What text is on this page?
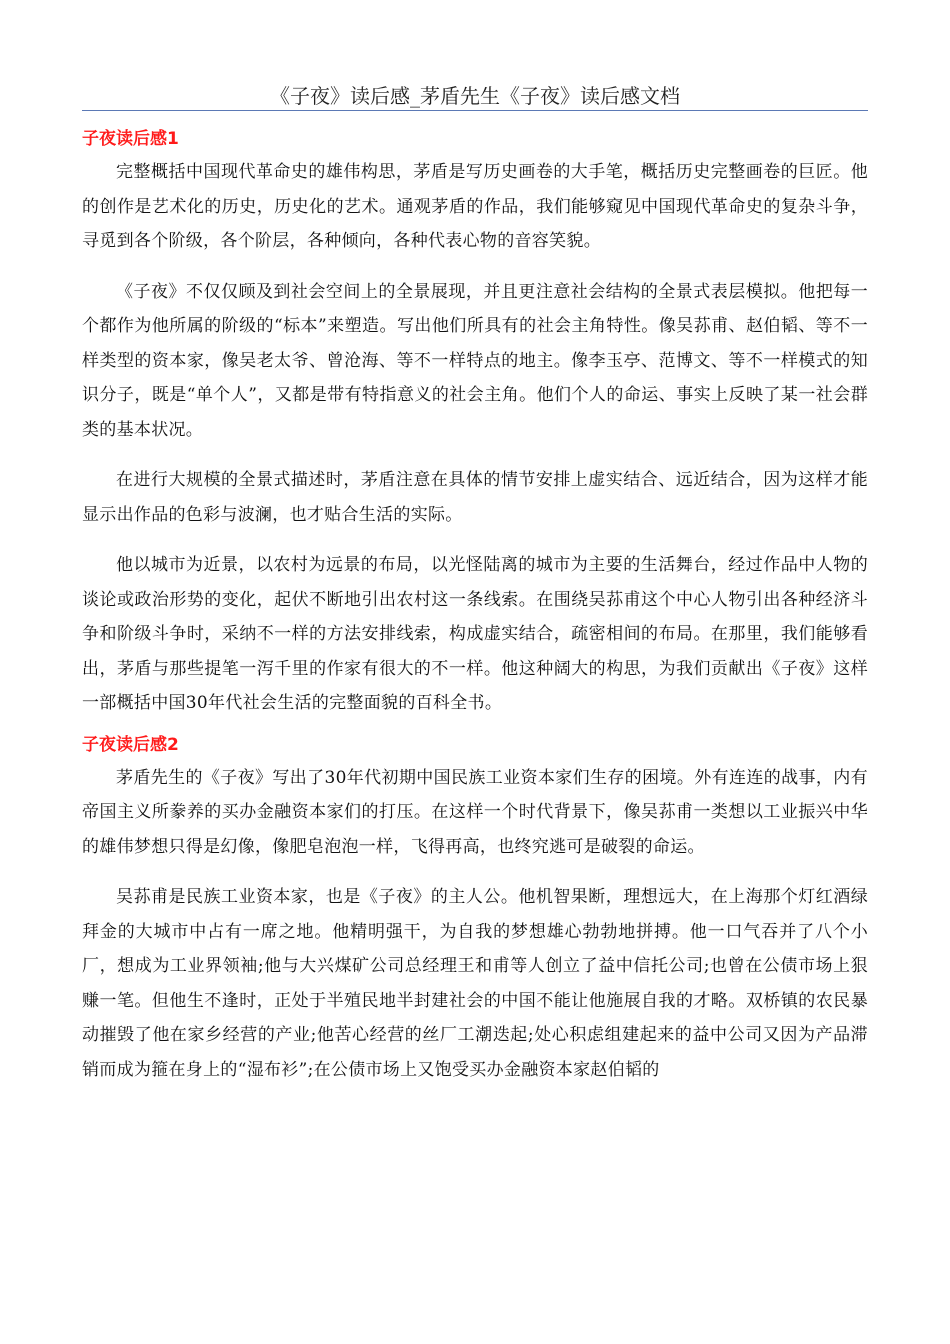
《子夜》读后感_茅盾先生《子夜》读后感文档
子夜读后感1

完整概括中国现代革命史的雄伟构思，茅盾是写历史画卷的大手笔，概括历史完整画卷的巨匠。他的创作是艺术化的历史，历史化的艺术。通观茅盾的作品，我们能够窥见中国现代革命史的复杂斗争，寻觅到各个阶级，各个阶层，各种倾向，各种代表心物的音容笑貌。

《子夜》不仅仅顾及到社会空间上的全景展现，并且更注意社会结构的全景式表层模拟。他把每一个都作为他所属的阶级的“标本”来塑造。写出他们所具有的社会主角特性。像吴荪甫、赵伯韬、等不一样类型的资本家，像吴老太爷、曾沧海、等不一样特点的地主。像李玉亭、范博文、等不一样模式的知识分子，既是“单个人”，又都是带有特指意义的社会主角。他们个人的命运、事实上反映了某一社会群类的基本状况。

在进行大规模的全景式描述时，茅盾注意在具体的情节安排上虚实结合、远近结合，因为这样才能显示出作品的色彩与波澜，也才贴合生活的实际。

他以城市为近景，以农村为远景的布局，以光怪陆离的城市为主要的生活舞台，经过作品中人物的谈论或政治形势的变化，起伏不断地引出农村这一条线索。在围绕吴荪甫这个中心人物引出各种经济斗争和阶级斗争时，采纳不一样的方法安排线索，构成虚实结合，疏密相间的布局。在那里，我们能够看出，茅盾与那些提笔一泻千里的作家有很大的不一样。他这种阔大的构思，为我们贡献出《子夜》这样一部概括中国30年代社会生活的完整面貌的百科全书。

子夜读后感2

茅盾先生的《子夜》写出了30年代初期中国民族工业资本家们生存的困境。外有连连的战事，内有帝国主义所豢养的买办金融资本家们的打压。在这样一个时代背景下，像吴荪甫一类想以工业振兴中华的雄伟梦想只得是幻像，像肥皂泡泡一样，飞得再高，也终究逃可是破裂的命运。

吴荪甫是民族工业资本家，也是《子夜》的主人公。他机智果断，理想远大，在上海那个灯红酒绿拜金的大城市中占有一席之地。他精明强干，为自我的梦想雄心勃勃地拼搏。他一口气吞并了八个小厂，想成为工业界领袖;他与大兴煤矿公司总经理王和甫等人创立了益中信托公司;也曾在公债市场上狠赚一笔。但他生不逢时，正处于半殖民地半封建社会的中国不能让他施展自我的才略。双桥镇的农民暴动摧毁了他在家乡经营的产业;他苦心经营的丝厂工潮迭起;处心积虑组建起来的益中公司又因为产品滞销而成为箍在身上的“湿布衫”;在公债市场上又饱受买办金融资本家赵伯韬的
